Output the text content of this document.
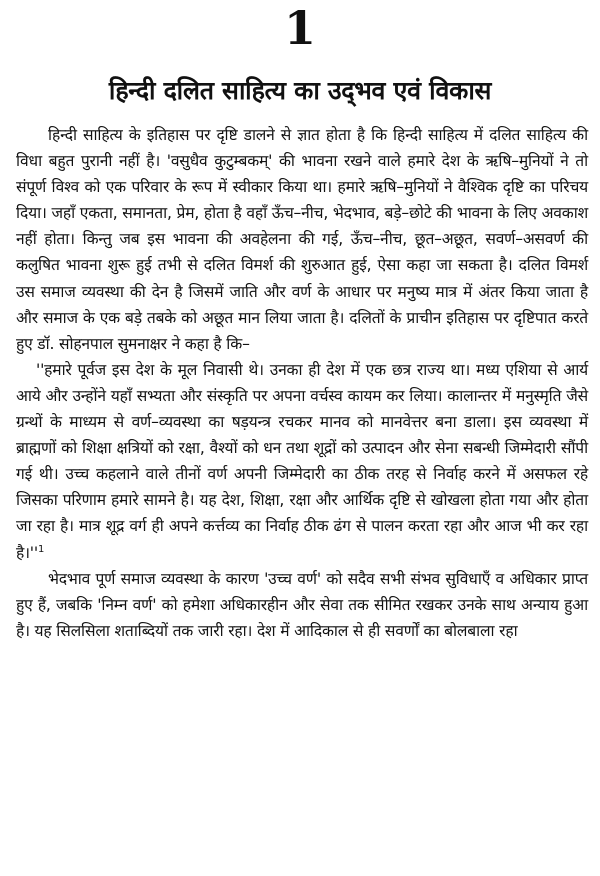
1
हिन्दी दलित साहित्य का उद्‌भव एवं विकास

हिन्दी साहित्य के इतिहास पर दृष्टि डालने से ज्ञात होता है कि हिन्दी साहित्य में दलित साहित्य की विधा बहुत पुरानी नहीं है। 'वसुधैव कुटुम्बकम्' की भावना रखने वाले हमारे देश के ऋषि–मुनियों ने तो संपूर्ण विश्व को एक परिवार के रूप में स्वीकार किया था। हमारे ऋषि–मुनियों ने वैश्विक दृष्टि का परिचय दिया। जहाँ एकता, समानता, प्रेम, होता है वहाँ ऊँच–नीच, भेदभाव, बड़े–छोटे की भावना के लिए अवकाश नहीं होता। किन्तु जब इस भावना की अवहेलना की गई, ऊँच–नीच, छूत–अछूत, सवर्ण–असवर्ण की कलुषित भावना शुरू हुई तभी से दलित विमर्श की शुरुआत हुई, ऐसा कहा जा सकता है। दलित विमर्श उस समाज व्यवस्था की देन है जिसमें जाति और वर्ण के आधार पर मनुष्य मात्र में अंतर किया जाता है और समाज के एक बड़े तबके को अछूत मान लिया जाता है। दलितों के प्राचीन इतिहास पर दृष्टिपात करते हुए डॉ. सोहनपाल सुमनाक्षर ने कहा है कि–

''हमारे पूर्वज इस देश के मूल निवासी थे। उनका ही देश में एक छत्र राज्य था। मध्य एशिया से आर्य आये और उन्होंने यहाँ सभ्यता और संस्कृति पर अपना वर्चस्व कायम कर लिया। कालान्तर में मनुस्मृति जैसे ग्रन्थों के माध्यम से वर्ण–व्यवस्था का षड़यन्त्र रचकर मानव को मानवेत्तर बना डाला। इस व्यवस्था में ब्राह्मणों को शिक्षा क्षत्रियों को रक्षा, वैश्यों को धन तथा शूद्रों को उत्पादन और सेना सबन्धी जिम्मेदारी सौंपी गई थी। उच्च कहलाने वाले तीनों वर्ण अपनी जिम्मेदारी का ठीक तरह से निर्वाह करने में असफल रहे जिसका परिणाम हमारे सामने है। यह देश, शिक्षा, रक्षा और आर्थिक दृष्टि से खोखला होता गया और होता जा रहा है। मात्र शूद्र वर्ग ही अपने कर्त्तव्य का निर्वाह ठीक ढंग से पालन करता रहा और आज भी कर रहा है।''$^1$

भेदभाव पूर्ण समाज व्यवस्था के कारण 'उच्च वर्ण' को सदैव सभी संभव सुविधाएँ व अधिकार प्राप्त हुए हैं, जबकि 'निम्न वर्ण' को हमेशा अधिकारहीन और सेवा तक सीमित रखकर उनके साथ अन्याय हुआ है। यह सिलसिला शताब्दियों तक जारी रहा। देश में आदिकाल से ही सवर्णों का बोलबाला रहा
